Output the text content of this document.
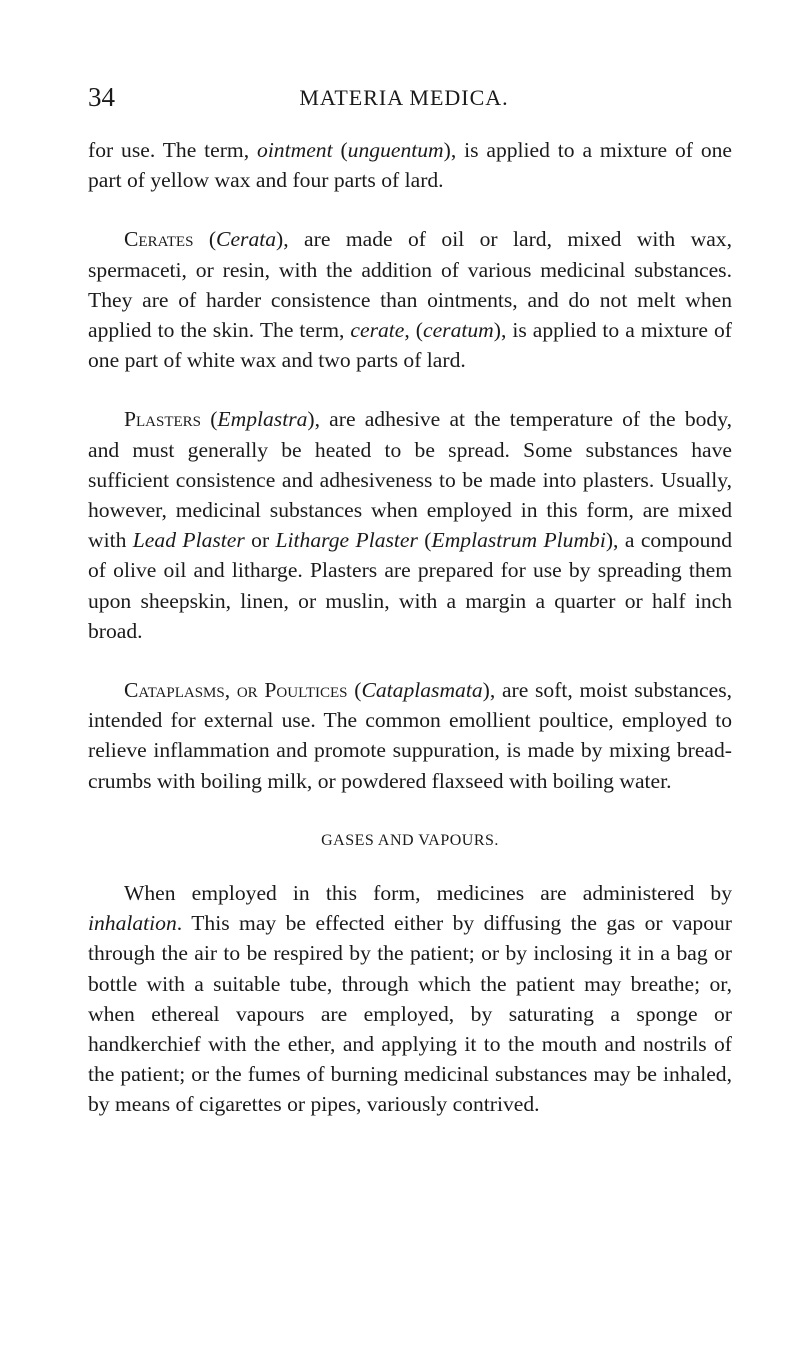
34	MATERIA MEDICA.

for use. The term, ointment (unguentum), is applied to a mixture of one part of yellow wax and four parts of lard.

Cerates (Cerata), are made of oil or lard, mixed with wax, spermaceti, or resin, with the addition of various medicinal substances. They are of harder consistence than ointments, and do not melt when applied to the skin. The term, cerate, (ceratum), is applied to a mixture of one part of white wax and two parts of lard.

Plasters (Emplastra), are adhesive at the temperature of the body, and must generally be heated to be spread. Some substances have sufficient consistence and adhesiveness to be made into plasters. Usually, however, medicinal substances when employed in this form, are mixed with Lead Plaster or Litharge Plaster (Emplastrum Plumbi), a compound of olive oil and litharge. Plasters are prepared for use by spreading them upon sheepskin, linen, or muslin, with a margin a quarter or half inch broad.

Cataplasms, or Poultices (Cataplasmata), are soft, moist substances, intended for external use. The common emollient poultice, employed to relieve inflammation and promote suppuration, is made by mixing bread-crumbs with boiling milk, or powdered flaxseed with boiling water.

GASES AND VAPOURS.

When employed in this form, medicines are administered by inhalation. This may be effected either by diffusing the gas or vapour through the air to be respired by the patient; or by inclosing it in a bag or bottle with a suitable tube, through which the patient may breathe; or, when ethereal vapours are employed, by saturating a sponge or handkerchief with the ether, and applying it to the mouth and nostrils of the patient; or the fumes of burning medicinal substances may be inhaled, by means of cigarettes or pipes, variously contrived.
